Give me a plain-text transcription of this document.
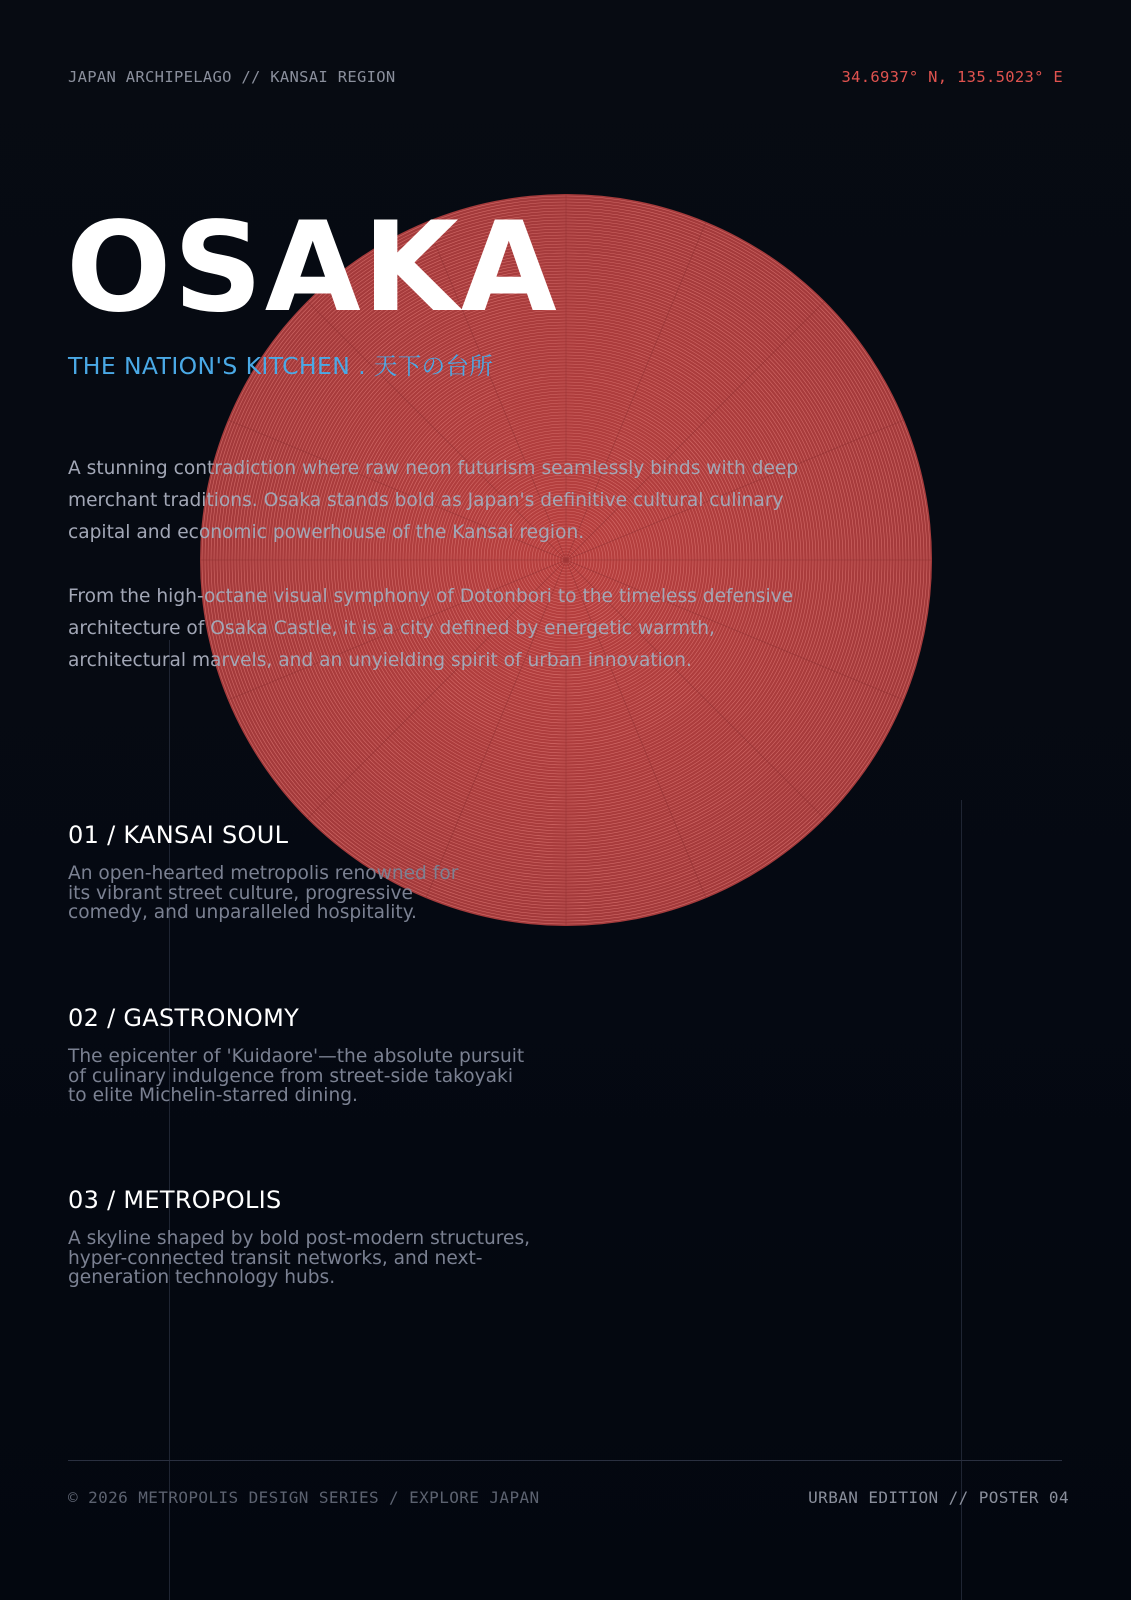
JAPAN ARCHIPELAGO // KANSAI REGION	34.6937° N, 135.5023° E
OSAKA
THE NATION'S KITCHEN . 天下の台所

A stunning contradiction where raw neon futurism seamlessly binds with deep merchant traditions. Osaka stands bold as Japan's definitive cultural culinary capital and economic powerhouse of the Kansai region.

From the high-octane visual symphony of Dotonbori to the timeless defensive architecture of Osaka Castle, it is a city defined by energetic warmth, architectural marvels, and an unyielding spirit of urban innovation.

01 / KANSAI SOUL

An open-hearted metropolis renowned for its vibrant street culture, progressive comedy, and unparalleled hospitality.

02 / GASTRONOMY

The epicenter of 'Kuidaore'—the absolute pursuit of culinary indulgence from street-side takoyaki to elite Michelin-starred dining.

03 / METROPOLIS

A skyline shaped by bold post-modern structures, hyper-connected transit networks, and next-generation technology hubs.

© 2026 METROPOLIS DESIGN SERIES / EXPLORE JAPAN	URBAN EDITION // POSTER 04
